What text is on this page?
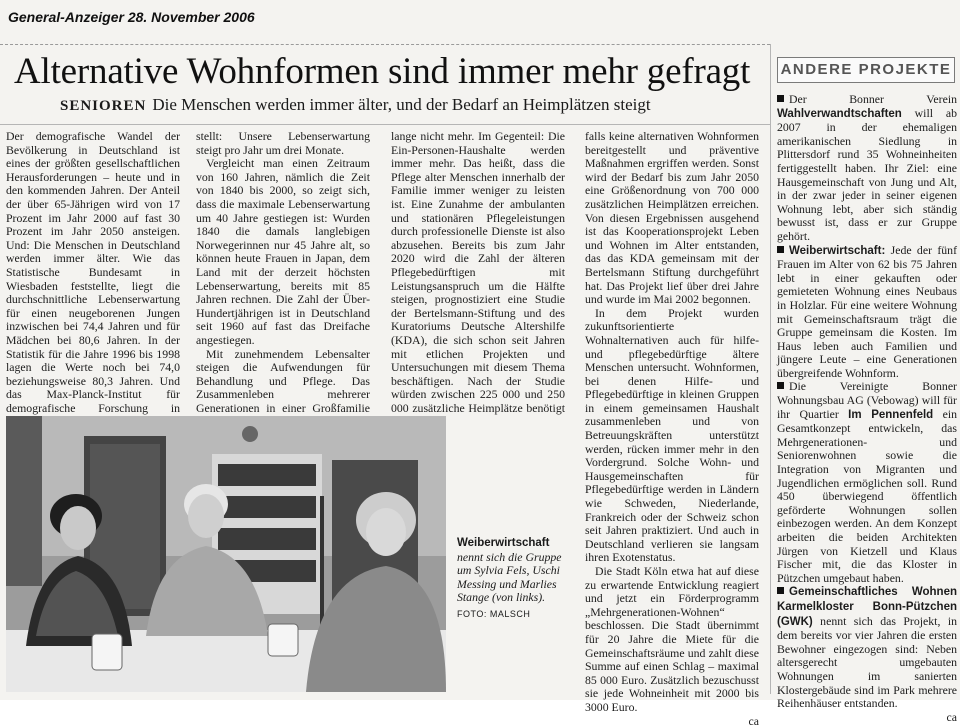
General-Anzeiger 28. November 2006
Alternative Wohnformen sind immer mehr gefragt
SENIOREN Die Menschen werden immer älter, und der Bedarf an Heimplätzen steigt

Der demografische Wandel der Bevölkerung in Deutschland ist eines der größten gesellschaftlichen Herausforderungen – heute und in den kommenden Jahren. Der Anteil der über 65-Jährigen wird von 17 Prozent im Jahr 2000 auf fast 30 Prozent im Jahr 2050 ansteigen. Und: Die Menschen in Deutschland werden immer älter. Wie das Statistische Bundesamt in Wiesbaden feststellte, liegt die durchschnittliche Lebenserwartung für einen neugeborenen Jungen inzwischen bei 74,4 Jahren und für Mädchen bei 80,6 Jahren. In der Statistik für die Jahre 1996 bis 1998 lagen die Werte noch bei 74,0 beziehungsweise 80,3 Jahren. Und das Max-Planck-Institut für demografische Forschung in

stellt: Unsere Lebenserwartung steigt pro Jahr um drei Monate.

Vergleicht man einen Zeitraum von 160 Jahren, nämlich die Zeit von 1840 bis 2000, so zeigt sich, dass die maximale Lebenserwartung um 40 Jahre gestiegen ist: Wurden 1840 die damals langlebigen Norwegerinnen nur 45 Jahre alt, so können heute Frauen in Japan, dem Land mit der derzeit höchsten Lebenserwartung, bereits mit 85 Jahren rechnen. Die Zahl der Über-Hundertjährigen ist in Deutschland seit 1960 auf fast das Dreifache angestiegen.

Mit zunehmendem Lebensalter steigen die Aufwendungen für Behandlung und Pflege. Das Zusammenleben mehrerer Generationen in einer Großfamilie

lange nicht mehr. Im Gegenteil: Die Ein-Personen-Haushalte werden immer mehr. Das heißt, dass die Pflege alter Menschen innerhalb der Familie immer weniger zu leisten ist. Eine Zunahme der ambulanten und stationären Pflegeleistungen durch professionelle Dienste ist also abzusehen. Bereits bis zum Jahr 2020 wird die Zahl der älteren Pflegebedürftigen mit Leistungsanspruch um die Hälfte steigen, prognostiziert eine Studie der Bertelsmann-Stiftung und des Kuratoriums Deutsche Altershilfe (KDA), die sich schon seit Jahren mit etlichen Projekten und Untersuchungen mit diesem Thema beschäftigen. Nach der Studie würden zwischen 225 000 und 250 000 zusätzliche Heimplätze benötigt

falls keine alternativen Wohnformen bereitgestellt und präventive Maßnahmen ergriffen werden. Sonst wird der Bedarf bis zum Jahr 2050 eine Größenordnung von 700 000 zusätzlichen Heimplätzen erreichen. Von diesen Ergebnissen ausgehend ist das Kooperationsprojekt Leben und Wohnen im Alter entstanden, das das KDA gemeinsam mit der Bertelsmann Stiftung durchgeführt hat. Das Projekt lief über drei Jahre und wurde im Mai 2002 begonnen.

In dem Projekt wurden zukunftsorientierte Wohnalternativen auch für hilfe- und pflegebedürftige ältere Menschen untersucht. Wohnformen, bei denen Hilfe- und Pflegebedürftige in kleinen Gruppen in einem gemeinsamen Haushalt zusammenleben und von Betreuungskräften unterstützt werden, rücken immer mehr in den Vordergrund. Solche Wohn- und Hausgemeinschaften für Pflegebedürftige werden in Ländern wie Schweden, Niederlande, Frankreich oder der Schweiz schon seit Jahren praktiziert. Und auch in Deutschland verlieren sie langsam ihren Exotenstatus.

Die Stadt Köln etwa hat auf diese zu erwartende Entwicklung reagiert und jetzt ein Förderprogramm „Mehrgenerationen-Wohnen“ beschlossen. Die Stadt übernimmt für 20 Jahre die Miete für die Gemeinschaftsräume und zahlt diese Summe auf einen Schlag – maximal 85 000 Euro. Zusätzlich bezuschusst sie jede Wohneinheit mit 2000 bis 3000 Euro.

ca

Weiberwirtschaft
nennt sich die Gruppe um Sylvia Fels, Uschi Messing und Marlies Stange (von links).
FOTO: MALSCH
ANDERE PROJEKTE

Der Bonner Verein Wahlverwandtschaften will ab 2007 in der ehemaligen amerikanischen Siedlung in Plittersdorf rund 35 Wohneinheiten fertiggestellt haben. Ihr Ziel: eine Hausgemeinschaft von Jung und Alt, in der zwar jeder in seiner eigenen Wohnung lebt, aber sich ständig bewusst ist, dass er zur Gruppe gehört.

Weiberwirtschaft: Jede der fünf Frauen im Alter von 62 bis 75 Jahren lebt in einer gekauften oder gemieteten Wohnung eines Neubaus in Holzlar. Für eine weitere Wohnung mit Gemeinschaftsraum trägt die Gruppe gemeinsam die Kosten. Im Haus leben auch Familien und jüngere Leute – eine Generationen übergreifende Wohnform.

Die Vereinigte Bonner Wohnungsbau AG (Vebowag) will für ihr Quartier Im Pennenfeld ein Gesamtkonzept entwickeln, das Mehrgenerationen- und Seniorenwohnen sowie die Integration von Migranten und Jugendlichen ermöglichen soll. Rund 450 überwiegend öffentlich geförderte Wohnungen sollen einbezogen werden. An dem Konzept arbeiten die beiden Architekten Jürgen von Kietzell und Klaus Fischer mit, die das Kloster in Pützchen umgebaut haben.

Gemeinschaftliches Wohnen Karmelkloster Bonn-Pützchen (GWK) nennt sich das Projekt, in dem bereits vor vier Jahren die ersten Bewohner eingezogen sind: Neben altersgerecht umgebauten Wohnungen im sanierten Klostergebäude sind im Park mehrere Reihenhäuser entstanden.

ca
